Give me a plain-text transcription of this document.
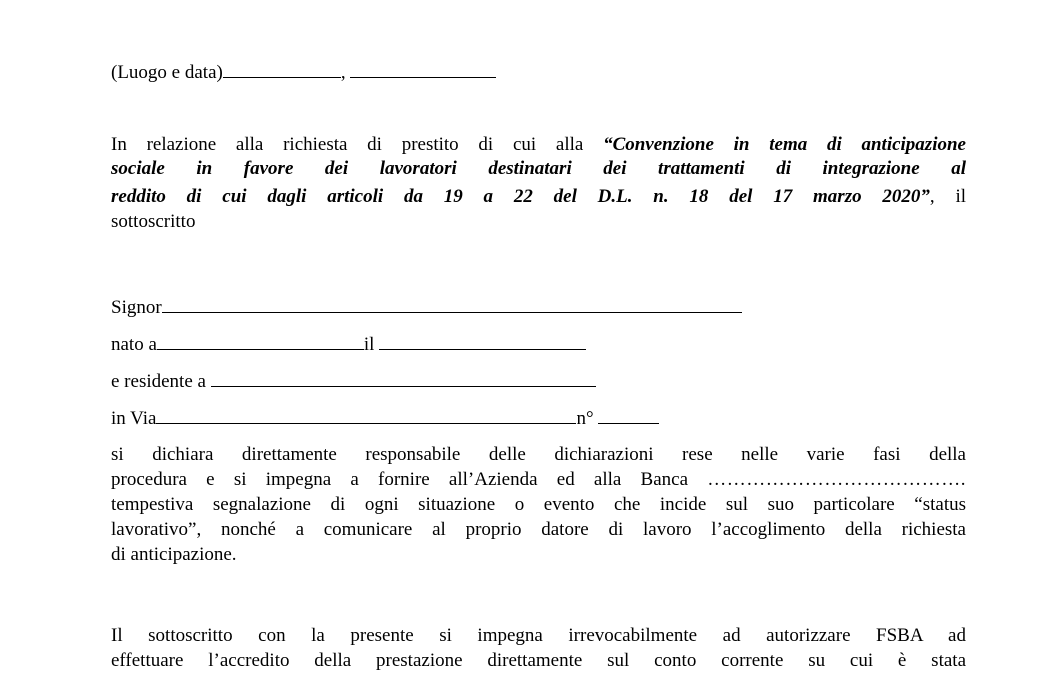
(Luogo e data)	,
In relazione alla richiesta di prestito di cui alla “Convenzione in tema di anticipazione
sociale in favore dei lavoratori destinatari dei trattamenti di integrazione al
reddito di cui dagli articoli da 19 a 22 del D.L. n. 18 del 17 marzo 2020”, il
sottoscritto
Signor
nato a	il
e residente a
in Via	n°
si dichiara direttamente responsabile delle dichiarazioni rese nelle varie fasi della
procedura e si impegna a fornire all’Azienda ed alla Banca ………………………………….
tempestiva segnalazione di ogni situazione o evento che incide sul suo particolare “status
lavorativo”, nonché a comunicare al proprio datore di lavoro l’accoglimento della richiesta
di anticipazione.
Il sottoscritto con la presente si impegna irrevocabilmente ad autorizzare FSBA ad
effettuare l’accredito della prestazione direttamente sul conto corrente su cui è stata
